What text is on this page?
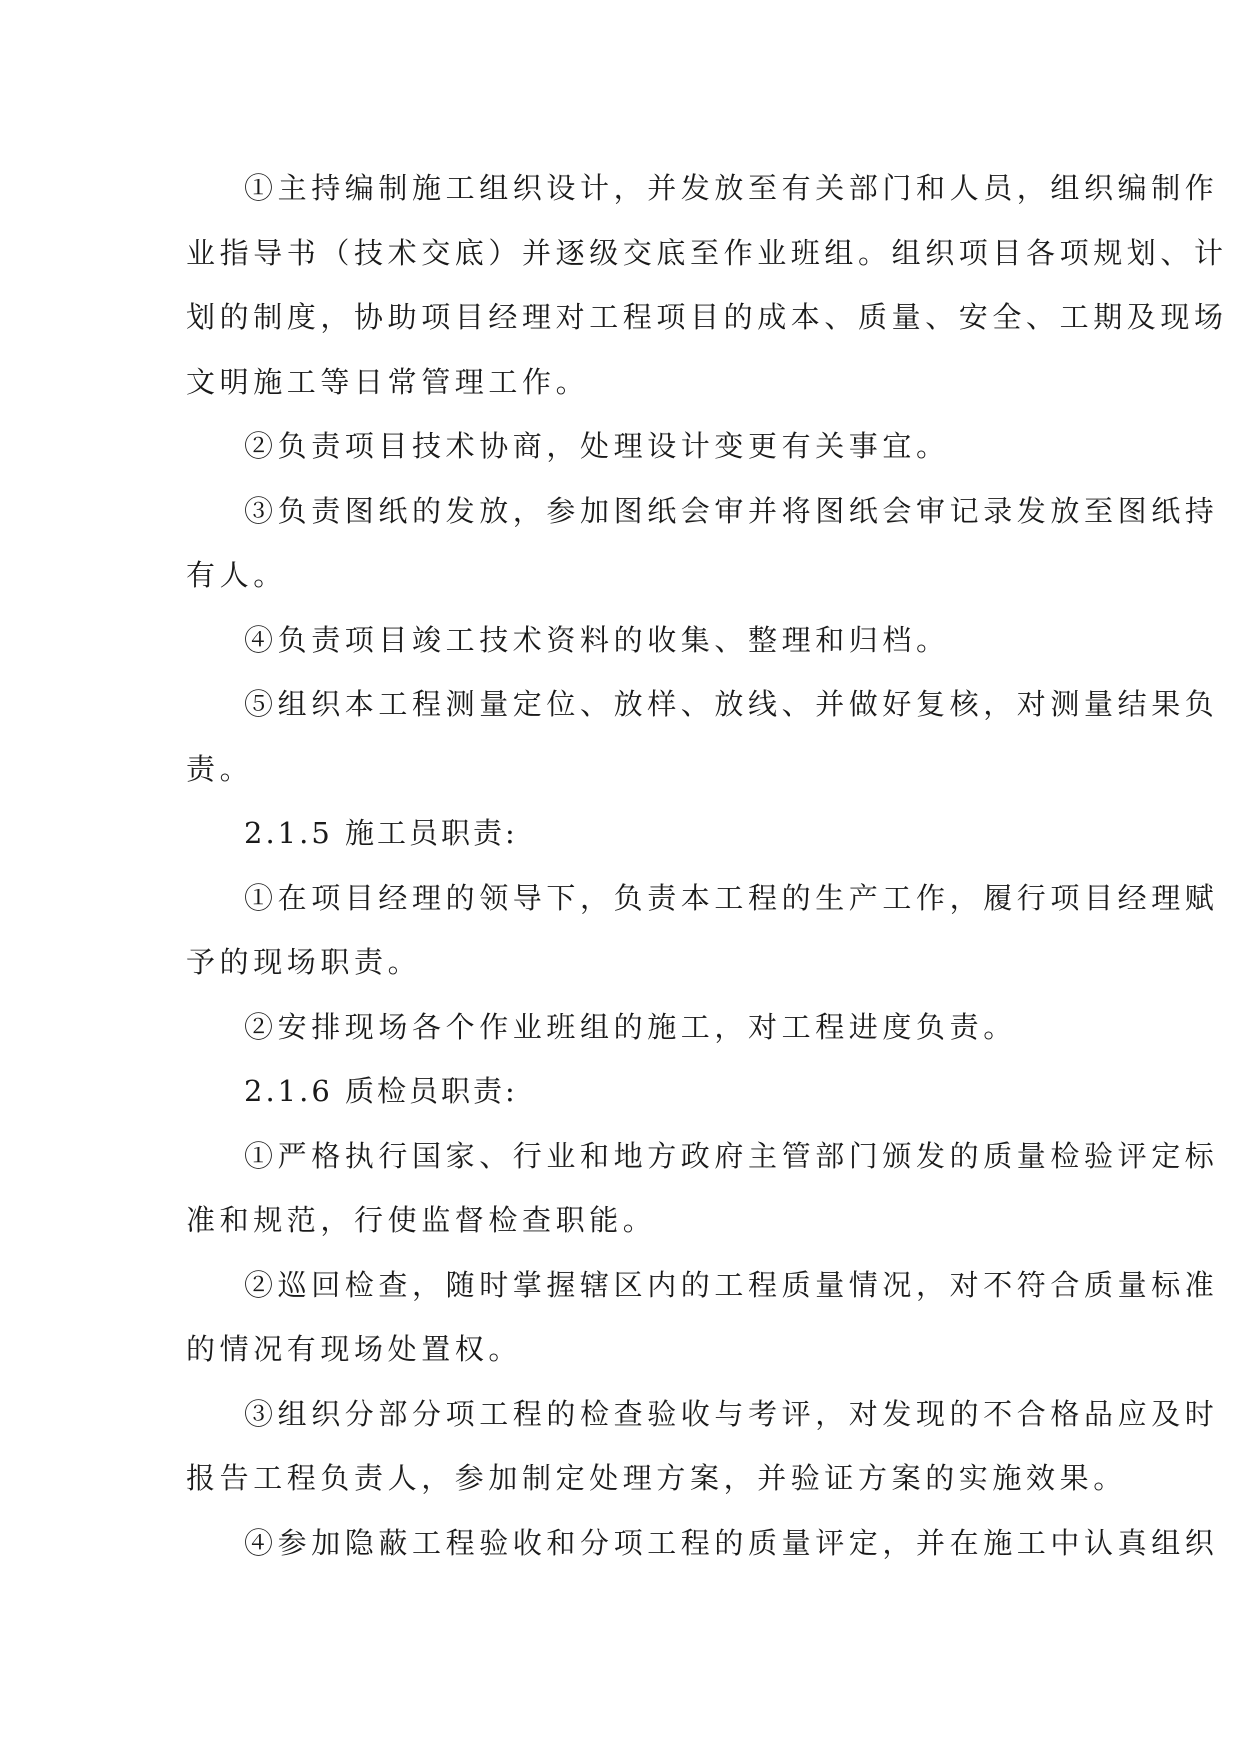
①主持编制施工组织设计，并发放至有关部门和人员，组织编制作
业指导书（技术交底）并逐级交底至作业班组。组织项目各项规划、计
划的制度，协助项目经理对工程项目的成本、质量、安全、工期及现场
文明施工等日常管理工作。
②负责项目技术协商，处理设计变更有关事宜。
③负责图纸的发放，参加图纸会审并将图纸会审记录发放至图纸持
有人。
④负责项目竣工技术资料的收集、整理和归档。
⑤组织本工程测量定位、放样、放线、并做好复核，对测量结果负
责。
2.1.5 施工员职责:
①在项目经理的领导下，负责本工程的生产工作，履行项目经理赋
予的现场职责。
②安排现场各个作业班组的施工，对工程进度负责。
2.1.6 质检员职责:
①严格执行国家、行业和地方政府主管部门颁发的质量检验评定标
准和规范，行使监督检查职能。
②巡回检查，随时掌握辖区内的工程质量情况，对不符合质量标准
的情况有现场处置权。
③组织分部分项工程的检查验收与考评，对发现的不合格品应及时
报告工程负责人，参加制定处理方案，并验证方案的实施效果。
④参加隐蔽工程验收和分项工程的质量评定，并在施工中认真组织
